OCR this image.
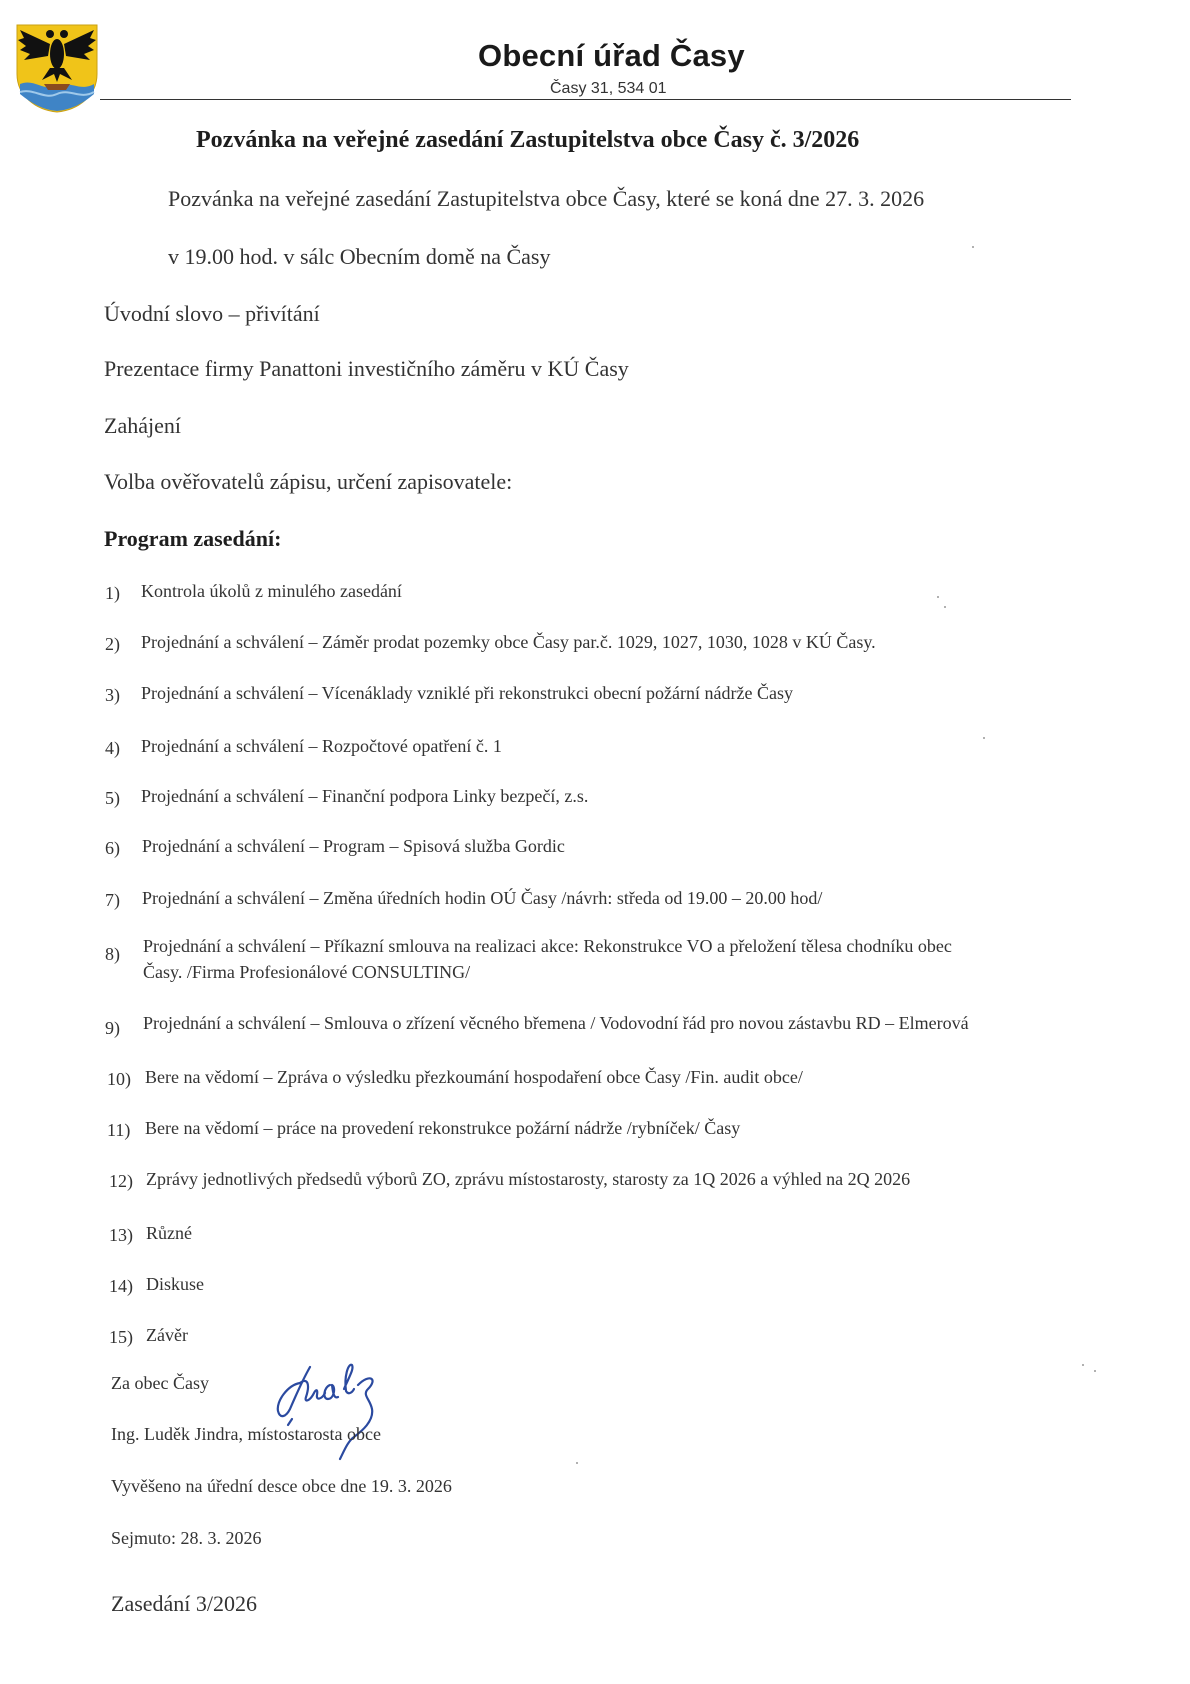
Obecní úřad Časy
Časy 31, 534 01
Pozvánka na veřejné zasedání Zastupitelstva obce Časy č. 3/2026
Pozvánka na veřejné zasedání Zastupitelstva obce Časy, které se koná dne 27. 3. 2026
v 19.00 hod. v sálc Obecním domě na Časy
Úvodní slovo – přivítání
Prezentace firmy Panattoni investičního záměru v KÚ Časy
Zahájení
Volba ověřovatelů zápisu, určení zapisovatele:
Program zasedání:
1) Kontrola úkolů z minulého zasedání
2) Projednání a schválení – Záměr prodat pozemky obce Časy par.č. 1029, 1027, 1030, 1028 v KÚ Časy.
3) Projednání a schválení – Vícenáklady vzniklé při rekonstrukci obecní požární nádrže Časy
4) Projednání a schválení – Rozpočtové opatření č. 1
5) Projednání a schválení – Finanční podpora Linky bezpečí, z.s.
6) Projednání a schválení – Program – Spisová služba Gordic
7) Projednání a schválení – Změna úředních hodin OÚ Časy /návrh: středa od 19.00 – 20.00 hod/
8) Projednání a schválení – Příkazní smlouva na realizaci akce: Rekonstrukce VO a přeložení tělesa chodníku obec
Časy. /Firma Profesionálové CONSULTING/
9) Projednání a schválení – Smlouva o zřízení věcného břemena / Vodovodní řád pro novou zástavbu RD – Elmerová
10) Bere na vědomí – Zpráva o výsledku přezkoumání hospodaření obce Časy /Fin. audit obce/
11) Bere na vědomí – práce na provedení rekonstrukce požární nádrže /rybníček/ Časy
12) Zprávy jednotlivých předsedů výborů ZO, zprávu místostarosty, starosty za 1Q 2026 a výhled na 2Q 2026
13) Různé
14) Diskuse
15) Závěr
Za obec Časy
Ing. Luděk Jindra, místostarosta obce
Vyvěšeno na úřední desce obce dne 19. 3. 2026
Sejmuto: 28. 3. 2026
Zasedání 3/2026
